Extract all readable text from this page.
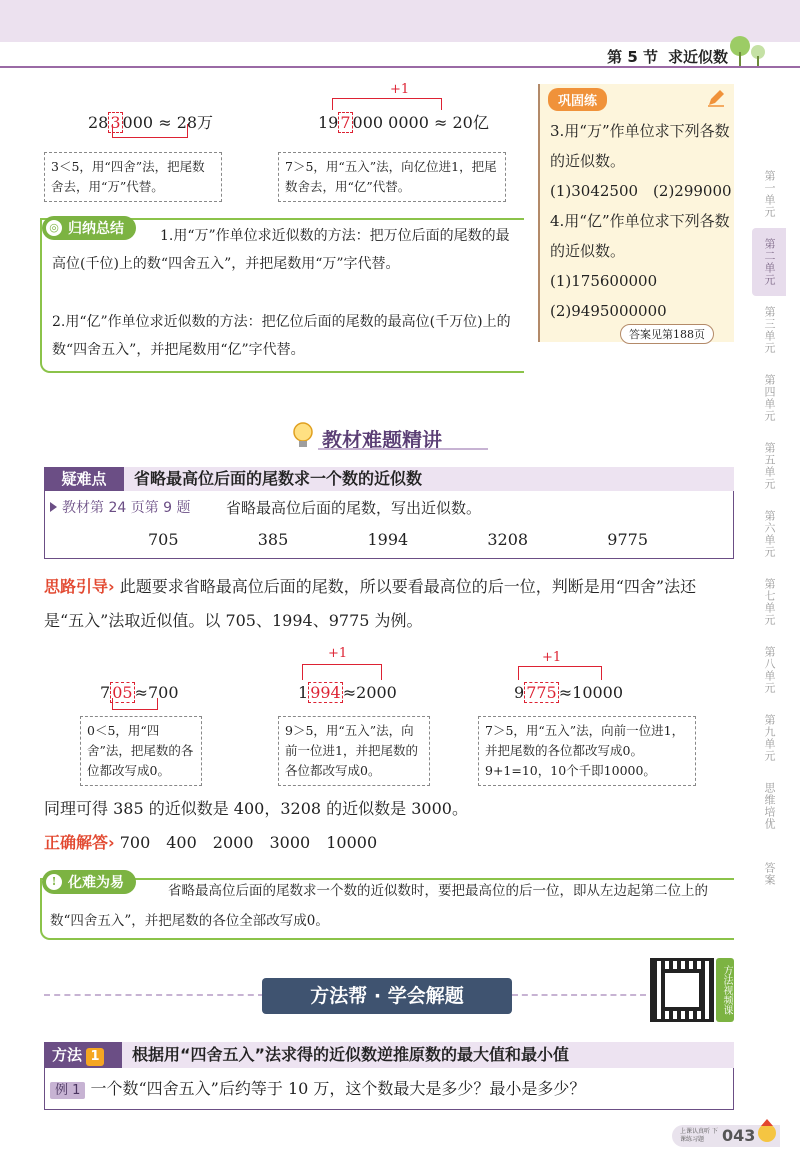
第 5 节 求近似数
第一单元
第二单元
第三单元
第四单元
第五单元
第六单元
第七单元
第八单元
第九单元
思维培优
答案
28 3 000 ≈ 28万
3＜5，用“四舍”法，把尾数舍去，用“万”代替。
+1
19 7 000 0000 ≈ 20亿
7＞5，用“五入”法，向亿位进1，把尾数舍去，用“亿”代替。
归纳总结
◎
1.用“万”作单位求近似数的方法：把万位后面的尾数的最高位(千位)上的数“四舍五入”，并把尾数用“万”字代替。
2.用“亿”作单位求近似数的方法：把亿位后面的尾数的最高位(千万位)上的数“四舍五入”，并把尾数用“亿”字代替。
巩固练
3.用“万”作单位求下列各数的近似数。
(1)3042500　(2)299000
4.用“亿”作单位求下列各数的近似数。
(1)175600000
(2)9495000000
答案见第188页
教材难题精讲
疑难点	省略最高位后面的尾数求一个数的近似数
教材第 24 页第 9 题 省略最高位后面的尾数，写出近似数。
705	385	1994	3208	9775
思路引导› 此题要求省略最高位后面的尾数，所以要看最高位的后一位，判断是用“四舍”法还是“五入”法取近似值。以 705、1994、9775 为例。
7 05 ≈700
0＜5，用“四舍”法，把尾数的各位都改写成0。
+1
1 994 ≈2000
9＞5，用“五入”法，向前一位进1，并把尾数的各位都改写成0。
+1
9 775 ≈10000
7＞5，用“五入”法，向前一位进1，并把尾数的各位都改写成0。9+1=10，10个千即10000。
同理可得 385 的近似数是 400，3208 的近似数是 3000。
正确解答› 700　400　2000　3000　10000
化难为易
!
省略最高位后面的尾数求一个数的近似数时，要把最高位的后一位，即从左边起第二位上的数“四舍五入”，并把尾数的各位全部改写成0。
方法帮 · 学会解题	方法视频课
方法 1	根据用“四舍五入”法求得的近似数逆推原数的最大值和最小值
例 1 一个数“四舍五入”后约等于 10 万，这个数最大是多少？最小是多少？
上课认真听 下课练习题	043
